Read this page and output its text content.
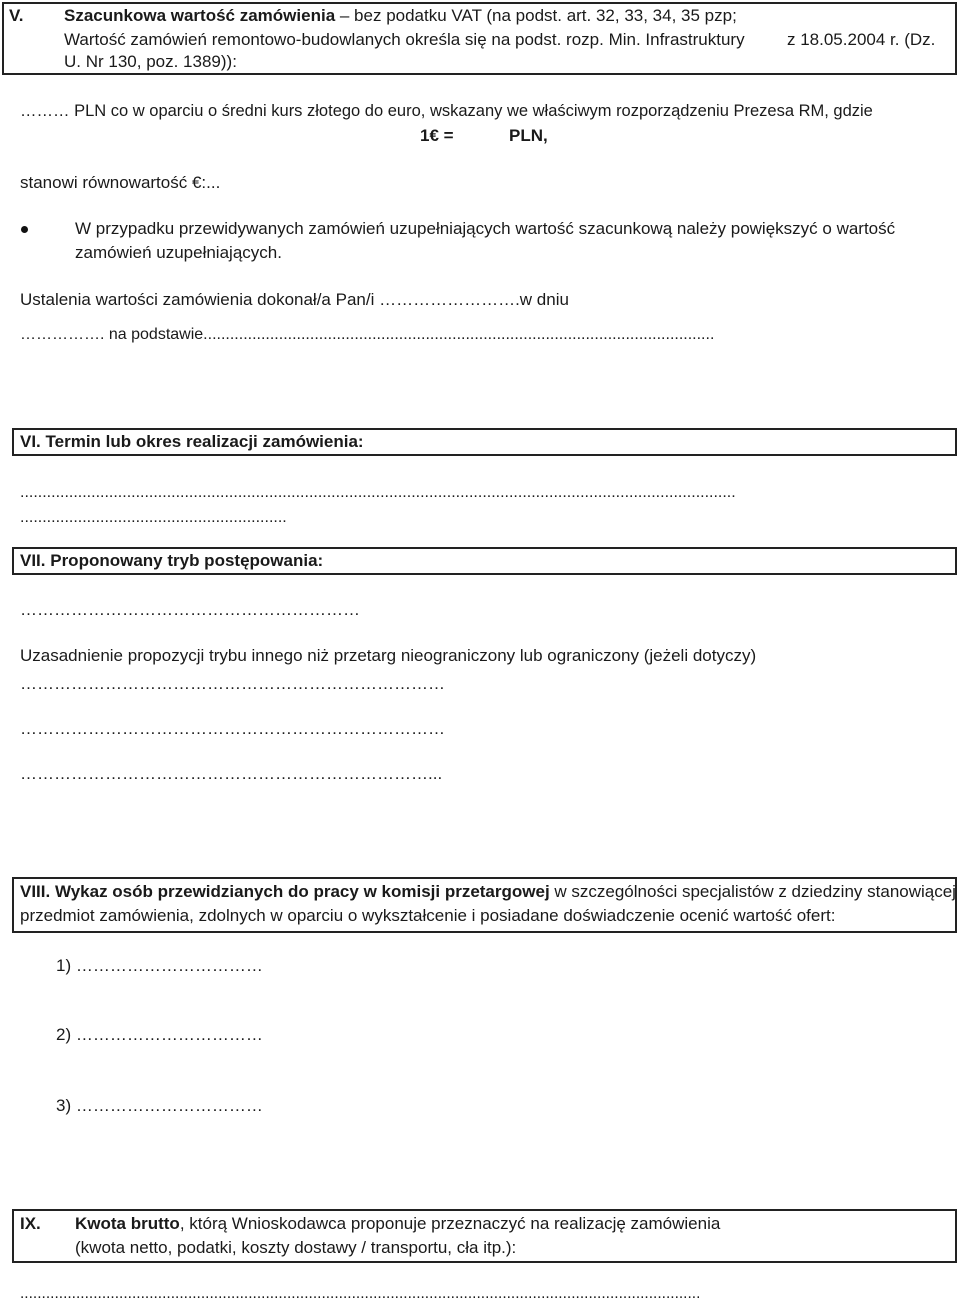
V. Szacunkowa wartość zamówienia – bez podatku VAT (na podst. art. 32, 33, 34, 35 pzp;
Wartość zamówień remontowo-budowlanych określa się na podst. rozp. Min. Infrastruktury z 18.05.2004 r. (Dz.
U. Nr 130, poz. 1389)):
……… PLN co w oparciu o średni kurs złotego do euro, wskazany we właściwym rozporządzeniu Prezesa RM, gdzie
1€ =	PLN,
stanowi równowartość €:...
W przypadku przewidywanych zamówień uzupełniających wartość szacunkową należy powiększyć o wartość
zamówień uzupełniających.
Ustalenia wartości zamówienia dokonał/a Pan/i …………………….w dniu
……………. na podstawie...................................................................................................................
VI. Termin lub okres realizacji zamówienia:
.................................................................................................................................................................
............................................................
VII. Proponowany tryb postępowania:
……………………………………………………
Uzasadnienie propozycji trybu innego niż przetarg nieograniczony lub ograniczony (jeżeli dotyczy)
…………………………………………………………………
…………………………………………………………………
………………………………………………………………...
VIII. Wykaz osób przewidzianych do pracy w komisji przetargowej w szczególności specjalistów z dziedziny stanowiącej
przedmiot zamówienia, zdolnych w oparciu o wykształcenie i posiadane doświadczenie ocenić wartość ofert:
1) ……………………………
2) ……………………………
3) ……………………………
IX. Kwota brutto, którą Wnioskodawca proponuje przeznaczyć na realizację zamówienia
(kwota netto, podatki, koszty dostawy / transportu, cła itp.):
..............................................................................................................................................................
